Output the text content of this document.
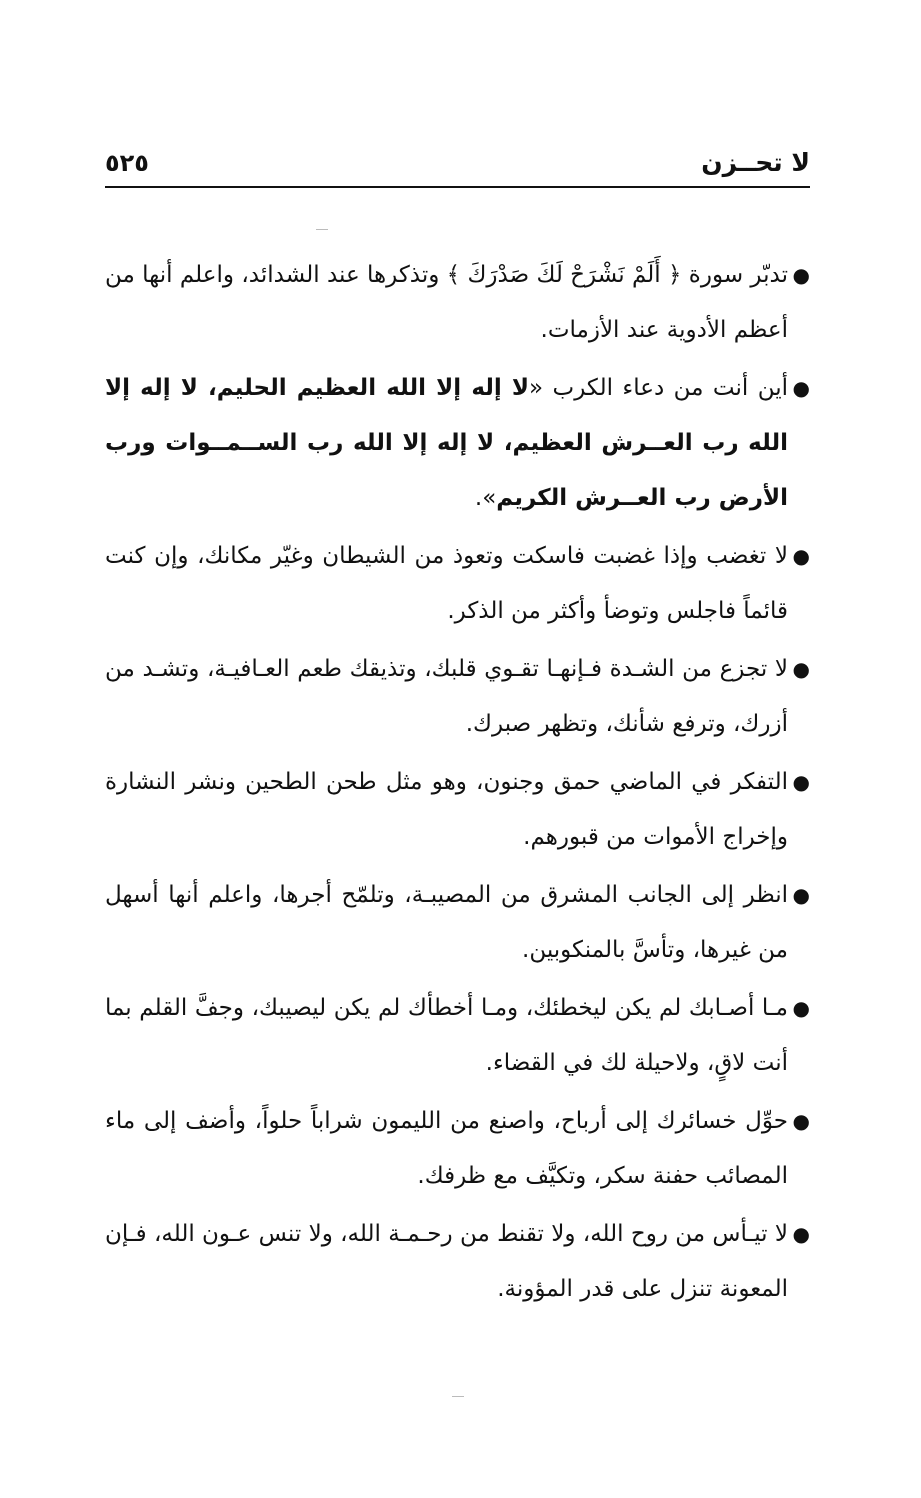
لا تحــزن
٥٢٥
●
تدبّر سورة ﴿ أَلَمْ نَشْرَحْ لَكَ صَدْرَكَ ﴾ وتذكرها عند الشدائد، واعلم أنها من أعظم الأدوية عند الأزمات.
●
أين أنت من دعاء الكرب «لا إله إلا الله العظيم الحليم، لا إله إلا الله رب العــرش العظيم، لا إله إلا الله رب الســمــوات ورب الأرض رب العــرش الكريم».
●
لا تغضب وإذا غضبت فاسكت وتعوذ من الشيطان وغيّر مكانك، وإن كنت قائماً فاجلس وتوضأ وأكثر من الذكر.
●
لا تجزع من الشـدة فـإنهـا تقـوي قلبك، وتذيقك طعم العـافيـة، وتشـد من أزرك، وترفع شأنك، وتظهر صبرك.
●
التفكر في الماضي حمق وجنون، وهو مثل طحن الطحين ونشر النشارة وإخراج الأموات من قبورهم.
●
انظر إلى الجانب المشرق من المصيبـة، وتلمّح أجرها، واعلم أنها أسهل من غيرها، وتأسَّ بالمنكوبين.
●
مـا أصـابك لم يكن ليخطئك، ومـا أخطأك لم يكن ليصيبك، وجفَّ القلم بما أنت لاقٍ، ولاحيلة لك في القضاء.
●
حوِّل خسائرك إلى أرباح، واصنع من الليمون شراباً حلواً، وأضف إلى ماء المصائب حفنة سكر، وتكيَّف مع ظرفك.
●
لا تيـأس من روح الله، ولا تقنط من رحـمـة الله، ولا تنس عـون الله، فـإن المعونة تنزل على قدر المؤونة.
